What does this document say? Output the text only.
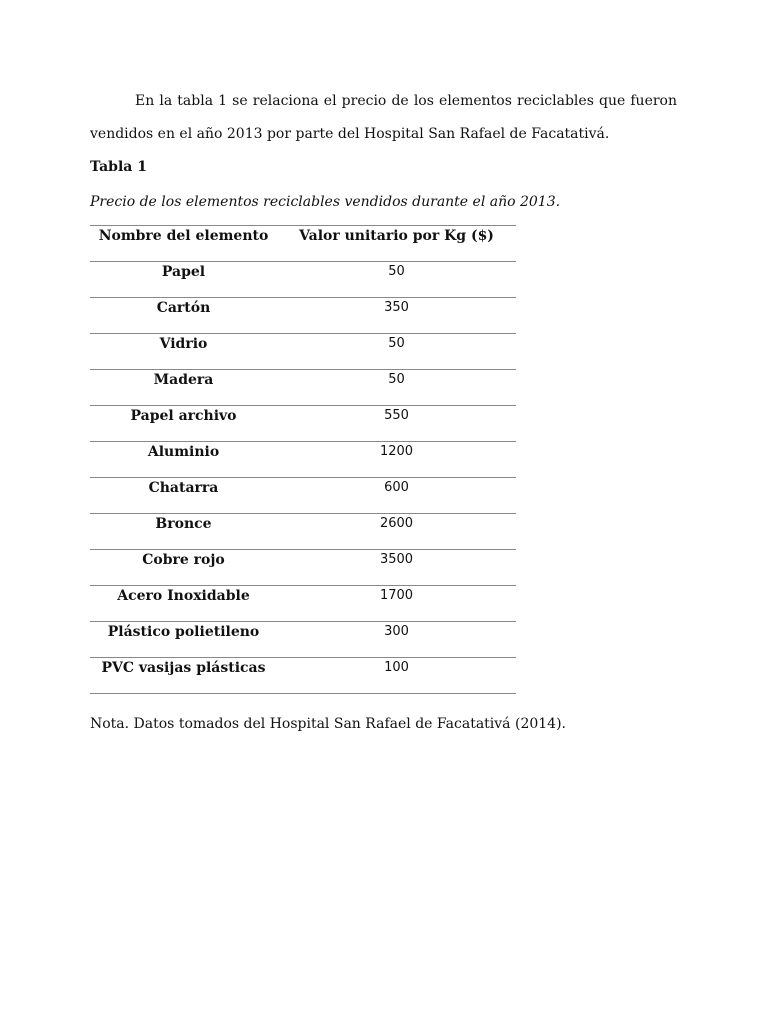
En la tabla 1 se relaciona el precio de los elementos reciclables que fueron

vendidos en el año 2013 por parte del Hospital San Rafael de Facatativá.

Tabla 1
Precio de los elementos reciclables vendidos durante el año 2013.
Nombre del elemento	Valor unitario por Kg ($)
Papel	50
Cartón	350
Vidrio	50
Madera	50
Papel archivo	550
Aluminio	1200
Chatarra	600
Bronce	2600
Cobre rojo	3500
Acero Inoxidable	1700
Plástico polietileno	300
PVC vasijas plásticas	100
Nota. Datos tomados del Hospital San Rafael de Facatativá (2014).
